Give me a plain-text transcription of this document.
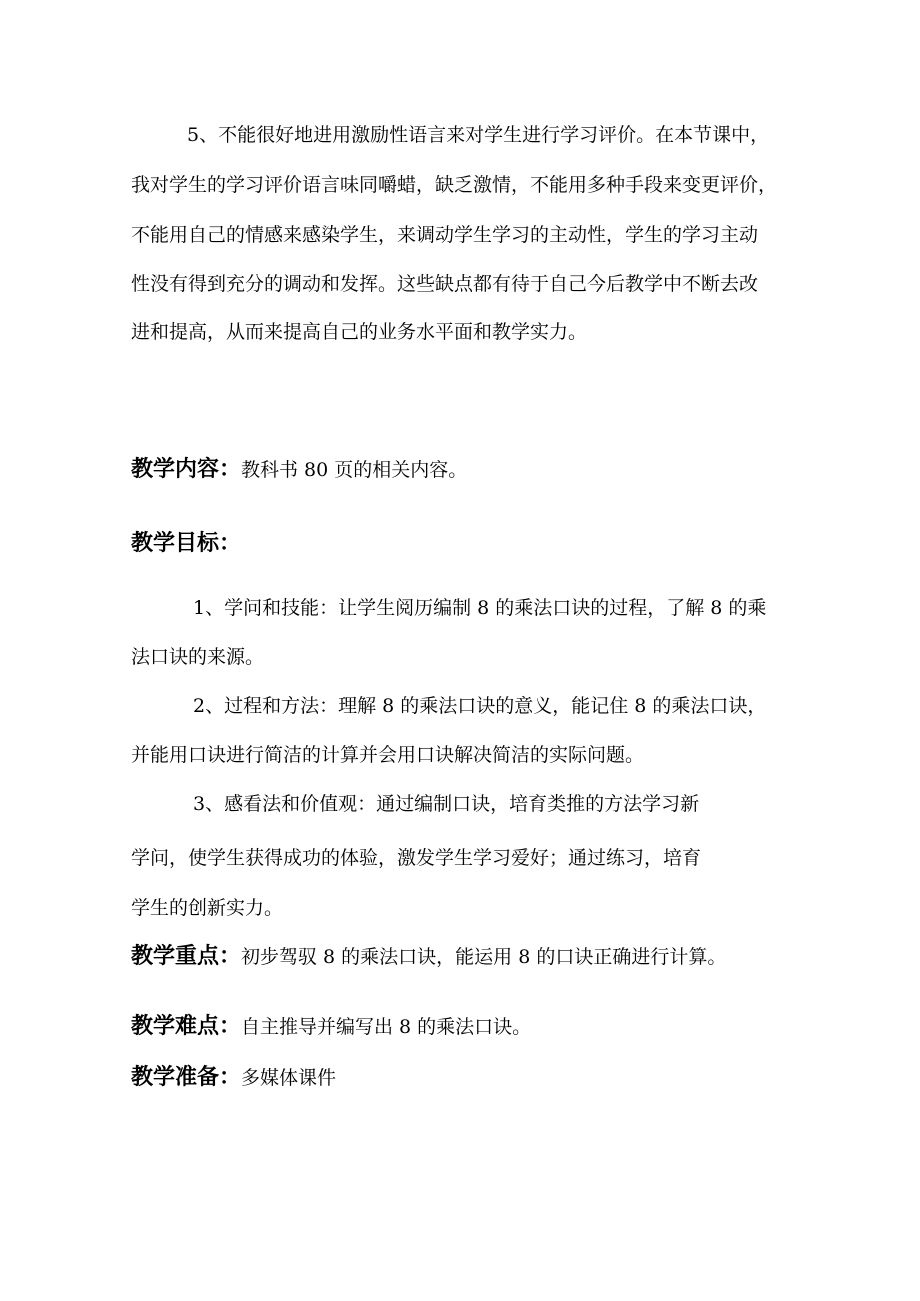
5、不能很好地进用激励性语言来对学生进行学习评价。在本节课中，
我对学生的学习评价语言味同嚼蜡，缺乏激情，不能用多种手段来变更评价，
不能用自己的情感来感染学生，来调动学生学习的主动性，学生的学习主动
性没有得到充分的调动和发挥。这些缺点都有待于自己今后教学中不断去改
进和提高，从而来提高自己的业务水平面和教学实力。
教学内容：教科书 80 页的相关内容。
教学目标：
1、学问和技能：让学生阅历编制 8 的乘法口诀的过程，了解 8 的乘
法口诀的来源。
2、过程和方法：理解 8 的乘法口诀的意义，能记住 8 的乘法口诀，
并能用口诀进行简洁的计算并会用口诀解决简洁的实际问题。
3、感看法和价值观：通过编制口诀，培育类推的方法学习新
学问，使学生获得成功的体验，激发学生学习爱好；通过练习，培育
学生的创新实力。
教学重点：初步驾驭 8 的乘法口诀，能运用 8 的口诀正确进行计算。
教学难点：自主推导并编写出 8 的乘法口诀。
教学准备：多媒体课件
